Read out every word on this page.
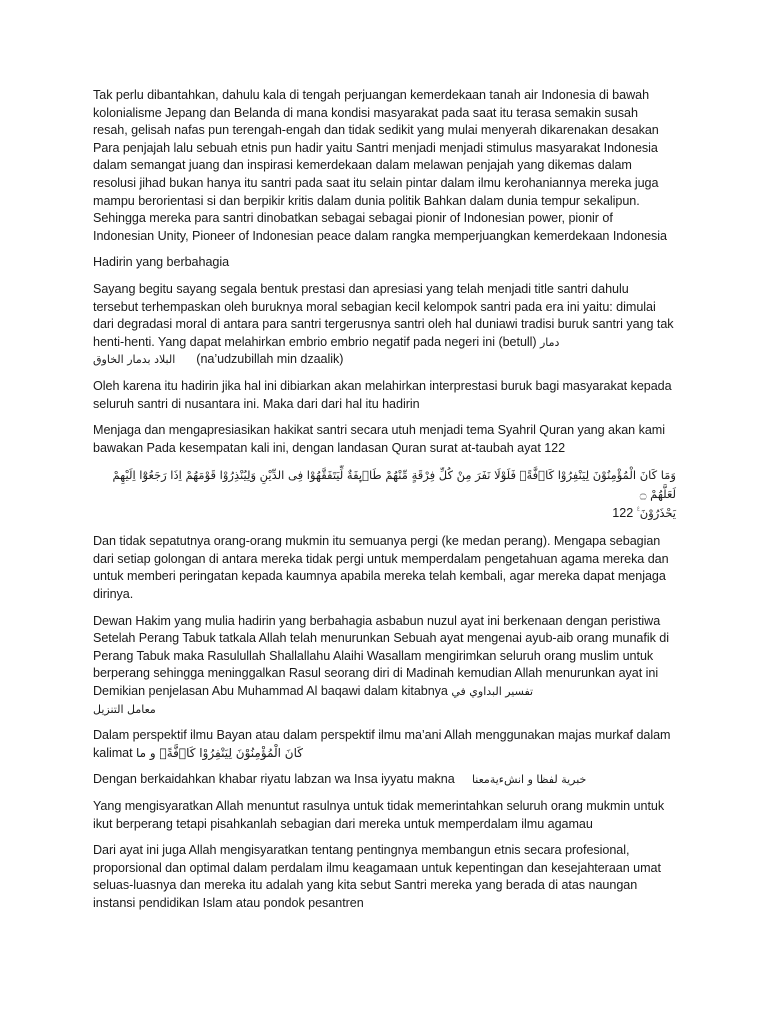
Tak perlu dibantahkan, dahulu kala di tengah perjuangan kemerdekaan tanah air Indonesia di bawah kolonialisme Jepang dan Belanda di mana kondisi masyarakat pada saat itu terasa semakin susah resah, gelisah nafas pun terengah-engah dan tidak sedikit yang mulai menyerah dikarenakan desakan Para penjajah lalu sebuah etnis pun hadir yaitu Santri menjadi menjadi stimulus masyarakat Indonesia dalam semangat juang dan inspirasi kemerdekaan dalam melawan penjajah yang dikemas dalam resolusi jihad bukan hanya itu santri pada saat itu selain pintar dalam ilmu kerohaniannya mereka juga mampu berorientasi si dan berpikir kritis dalam dunia politik Bahkan dalam dunia tempur sekalipun. Sehingga mereka para santri dinobatkan sebagai sebagai pionir of Indonesian power, pionir of Indonesian Unity, Pioneer of Indonesian peace dalam rangka memperjuangkan kemerdekaan Indonesia

Hadirin yang berbahagia

Sayang begitu sayang segala bentuk prestasi dan apresiasi yang telah menjadi title santri dahulu tersebut terhempaskan oleh buruknya moral sebagian kecil kelompok santri pada era ini yaitu: dimulai dari degradasi moral di antara para santri tergerusnya santri oleh hal duniawi tradisi buruk santri yang tak henti-henti. Yang dapat melahirkan embrio embrio negatif pada negeri ini (betull) دمار
البلاد بدمار الخاوق (na’udzubillah min dzaalik)

Oleh karena itu hadirin jika hal ini dibiarkan akan melahirkan interprestasi buruk bagi masyarakat kepada seluruh santri di nusantara ini. Maka dari dari hal itu hadirin

Menjaga dan mengapresiasikan hakikat santri secara utuh menjadi tema Syahril Quran yang akan kami bawakan Pada kesempatan kali ini, dengan landasan Quran surat at-taubah ayat 122

وَمَا كَانَ الْمُؤْمِنُوْنَ لِيَنْفِرُوْا كَاۤفَّةًۗ فَلَوْلَا نَفَرَ مِنْ كُلِّ فِرْقَةٍ مِّنْهُمْ طَاۤىِٕفَةٌ لِّيَتَفَقَّهُوْا فِى الدِّيْنِ وَلِيُنْذِرُوْا قَوْمَهُمْ اِذَا رَجَعُوْٓا اِلَيْهِمْ لَعَلَّهُمْ ۝
يَحْذَرُوْنَ ࣖ 122

Dan tidak sepatutnya orang-orang mukmin itu semuanya pergi (ke medan perang). Mengapa sebagian dari setiap golongan di antara mereka tidak pergi untuk memperdalam pengetahuan agama mereka dan untuk memberi peringatan kepada kaumnya apabila mereka telah kembali, agar mereka dapat menjaga dirinya.

Dewan Hakim yang mulia hadirin yang berbahagia asbabun nuzul ayat ini berkenaan dengan peristiwa Setelah Perang Tabuk tatkala Allah telah menurunkan Sebuah ayat mengenai ayub-aib orang munafik di Perang Tabuk maka Rasulullah Shallallahu Alaihi Wasallam mengirimkan seluruh orang muslim untuk berperang sehingga meninggalkan Rasul seorang diri di Madinah kemudian Allah menurunkan ayat ini Demikian penjelasan Abu Muhammad Al baqawi dalam kitabnya تفسير البداوي في
معامل التنزيل

Dalam perspektif ilmu Bayan atau dalam perspektif ilmu ma’ani Allah menggunakan majas murkaf dalam kalimat كَانَ الْمُؤْمِنُوْنَ لِيَنْفِرُوْا كَاۤفَّةًۗ و ما

Dengan berkaidahkan khabar riyatu labzan wa Insa iyyatu makna خبرية لفظا و انشءيةمعنا

Yang mengisyaratkan Allah menuntut rasulnya untuk tidak memerintahkan seluruh orang mukmin untuk ikut berperang tetapi pisahkanlah sebagian dari mereka untuk memperdalam ilmu agamau

Dari ayat ini juga Allah mengisyaratkan tentang pentingnya membangun etnis secara profesional, proporsional dan optimal dalam perdalam ilmu keagamaan untuk kepentingan dan kesejahteraan umat seluas-luasnya dan mereka itu adalah yang kita sebut Santri mereka yang berada di atas naungan instansi pendidikan Islam atau pondok pesantren
